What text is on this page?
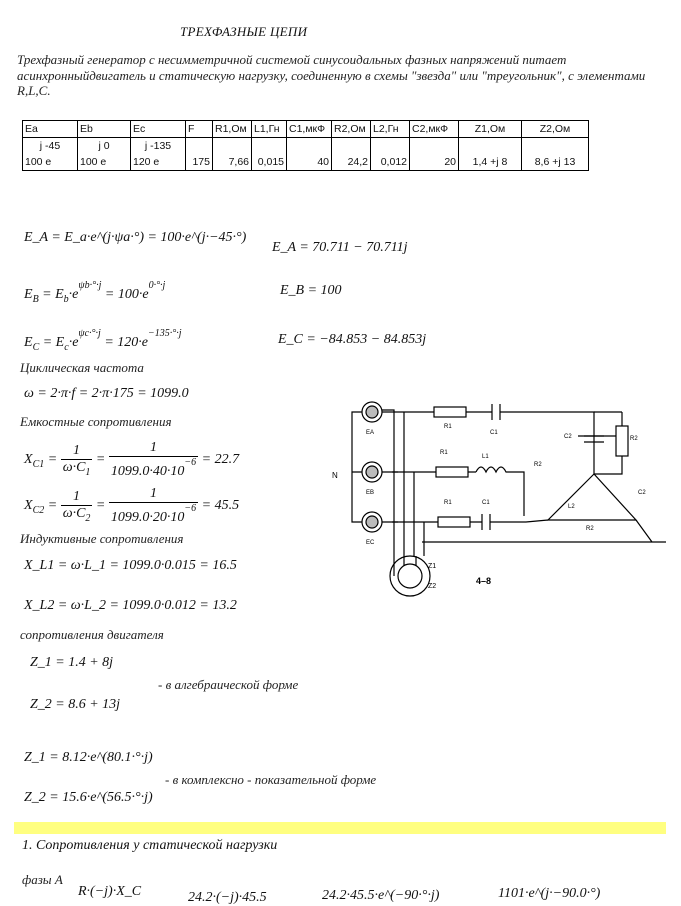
ТРЕХФАЗНЫЕ ЦЕПИ
Трехфазный генератор с несимметричной системой синусоидальных фазных напряжений питает асинхронныйдвигатель и статическую нагрузку, соединенную в схемы "звезда" или "треугольник", с элементами R,L,C.
Ea	Eb	Ec	F	R1,Ом	L1,Гн	C1,мкФ	R2,Ом	L2,Гн	C2,мкФ	Z1,Ом	Z2,Ом
j -45	j 0	j -135									
100 e	100 e	120 e	175	7,66	0,015	40	24,2	0,012	20	1,4 +j 8	8,6 +j 13
E_A = E_a·e^(j·ψa·°) = 100·e^(j·−45·°)
E_A = 70.711 − 70.711j
$E_B = E_b\cdot e^{\psi b\cdot^\circ\cdot j} = 100\cdot e^{0\cdot^\circ\cdot j}$	E_B = 100
$E_C = E_c\cdot e^{\psi c\cdot^\circ\cdot j} = 120\cdot e^{-135\cdot^\circ\cdot j}$	E_C = −84.853 − 84.853j
Циклическая частота
ω = 2·π·f = 2·π·175 = 1099.0
Емкостные сопротивления
$X_{C1} = \frac{1}{\omega\cdot C_1} = \frac{1}{1099.0\cdot 40\cdot 10^{-6}} = 22.7$
$X_{C2} = \frac{1}{\omega\cdot C_2} = \frac{1}{1099.0\cdot 20\cdot 10^{-6}} = 45.5$
Индуктивные сопротивления
X_L1 = ω·L_1 = 1099.0·0.015 = 16.5
X_L2 = ω·L_2 = 1099.0·0.012 = 13.2
сопротивления двигателя
Z_1 = 1.4 + 8j
- в алгебраической форме
Z_2 = 8.6 + 13j
Z_1 = 8.12·e^(80.1·°·j)
- в комплексно - показательной форме
Z_2 = 15.6·e^(56.5·°·j)
1. Сопротивления у статической нагрузки
фазы А
R·(−j)·X_C	24.2·(−j)·45.5	24.2·45.5·e^(−90·°·j)	1101·e^(j·−90.0·°)
N
EA
EB
EC
R1
C1
R1
L1
R1	C1
C2	R2
R2
L2
R2
C2
Z1
Z2
4–8
